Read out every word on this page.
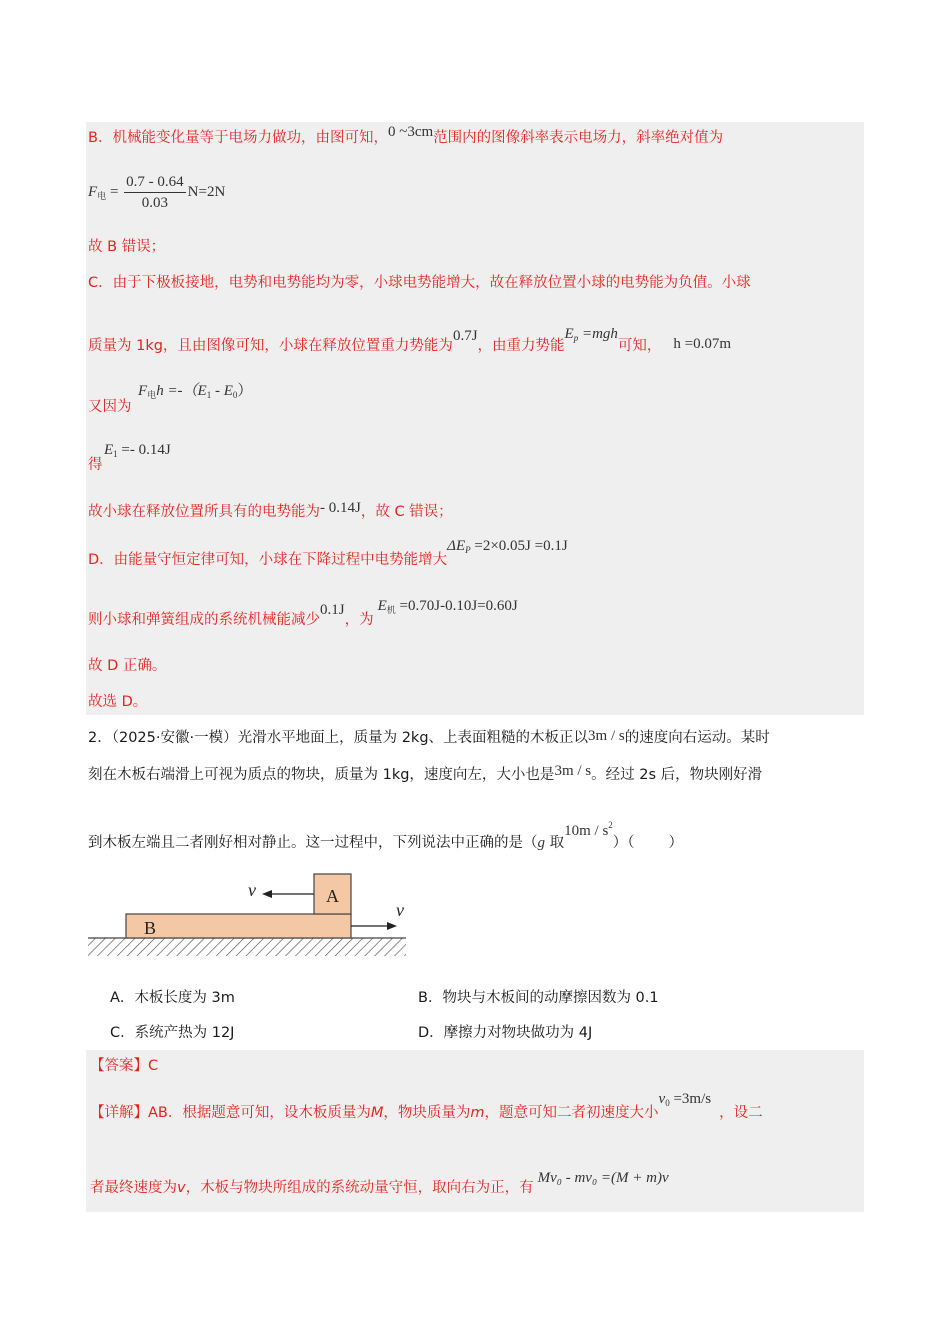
B．机械能变化量等于电场力做功，由图可知，0 ~3cm范围内的图像斜率表示电场力，斜率绝对值为
$F_电 = \frac{0.7 - 0.64}{0.03} N=2N$
故 B 错误；
C．由于下极板接地，电势和电势能均为零，小球电势能增大，故在释放位置小球的电势能为负值。小球
质量为 1kg，且由图像可知，小球在释放位置重力势能为0.7J，由重力势能$E_p =mgh$可知， h =0.07m
$F_电h =-(E_1 - E_0)$
又因为
$E_1 =- 0.14J$
得
故小球在释放位置所具有的电势能为- 0.14J，故 C 错误；
D．由能量守恒定律可知，小球在下降过程中电势能增大$\Delta E_P =2\times 0.05J =0.1J$
则小球和弹簧组成的系统机械能减少0.1J，为$E_机 =0.70J-0.10J=0.60J$
故 D 正确。
故选 D。
2．（2025·安徽·一模）光滑水平地面上，质量为 2kg、上表面粗糙的木板正以3m / s的速度向右运动。某时
刻在木板右端滑上可视为质点的物块，质量为 1kg，速度向左，大小也是3m / s。经过 2s 后，物块刚好滑
到木板左端且二者刚好相对静止。这一过程中，下列说法中正确的是（g 取$10m / s^2$）（ ）
B
A
v
v
A．木板长度为 3m	B．物块与木板间的动摩擦因数为 0.1
C．系统产热为 12J	D．摩擦力对物块做功为 4J
【答案】C
【详解】AB．根据题意可知，设木板质量为M，物块质量为m，题意可知二者初速度大小$v_0 =3m/s$，设二
者最终速度为v，木板与物块所组成的系统动量守恒，取向右为正，有Mv₀ - mv₀ =(M + m)v
